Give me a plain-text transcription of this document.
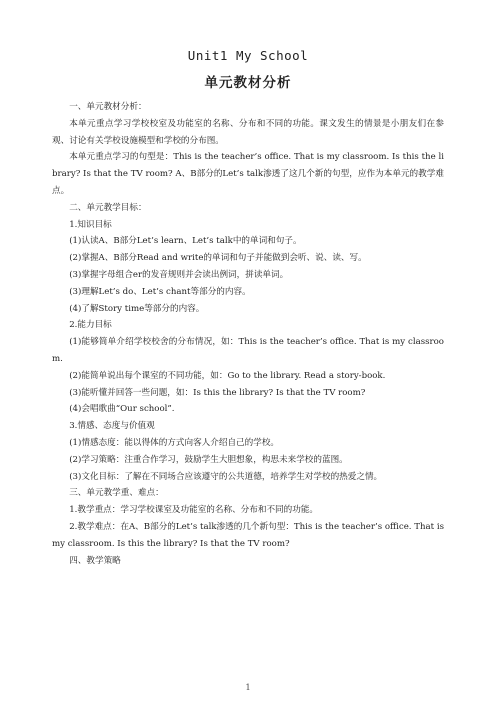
Unit1 My School
单元教材分析

一、单元教材分析：

本单元重点学习学校校室及功能室的名称、分布和不同的功能。课文发生的情景是小朋友们在参观、讨论有关学校设施模型和学校的分布图。

本单元重点学习的句型是：This is the teacher’s office. That is my classroom. Is this the library? Is that the TV room? A、B部分的Let’s talk渗透了这几个新的句型，应作为本单元的教学难点。

二、单元教学目标：

1.知识目标

(1)认读A、B部分Let’s learn、Let’s talk中的单词和句子。

(2)掌握A、B部分Read and write的单词和句子并能做到会听、说、读、写。

(3)掌握字母组合er的发音规则并会读出例词，拼读单词。

(3)理解Let’s do、Let’s chant等部分的内容。

(4)了解Story time等部分的内容。

2.能力目标

(1)能够简单介绍学校校舍的分布情况，如：This is the teacher’s office. That is my classroom.

(2)能简单说出每个课室的不同功能，如：Go to the library. Read a story-book.

(3)能听懂并回答一些问题，如：Is this the library? Is that the TV room?

(4)会唱歌曲“Our school”.

3.情感、态度与价值观

(1)情感态度：能以得体的方式向客人介绍自己的学校。

(2)学习策略：注重合作学习，鼓励学生大胆想象，构思未来学校的蓝图。

(3)文化目标：了解在不同场合应该遵守的公共道德，培养学生对学校的热爱之情。

三、单元教学重、难点：

1.教学重点：学习学校课室及功能室的名称、分布和不同的功能。

2.教学难点：在A、B部分的Let’s talk渗透的几个新句型：This is the teacher’s office. That is my classroom. Is this the library? Is that the TV room?

四、教学策略

1
